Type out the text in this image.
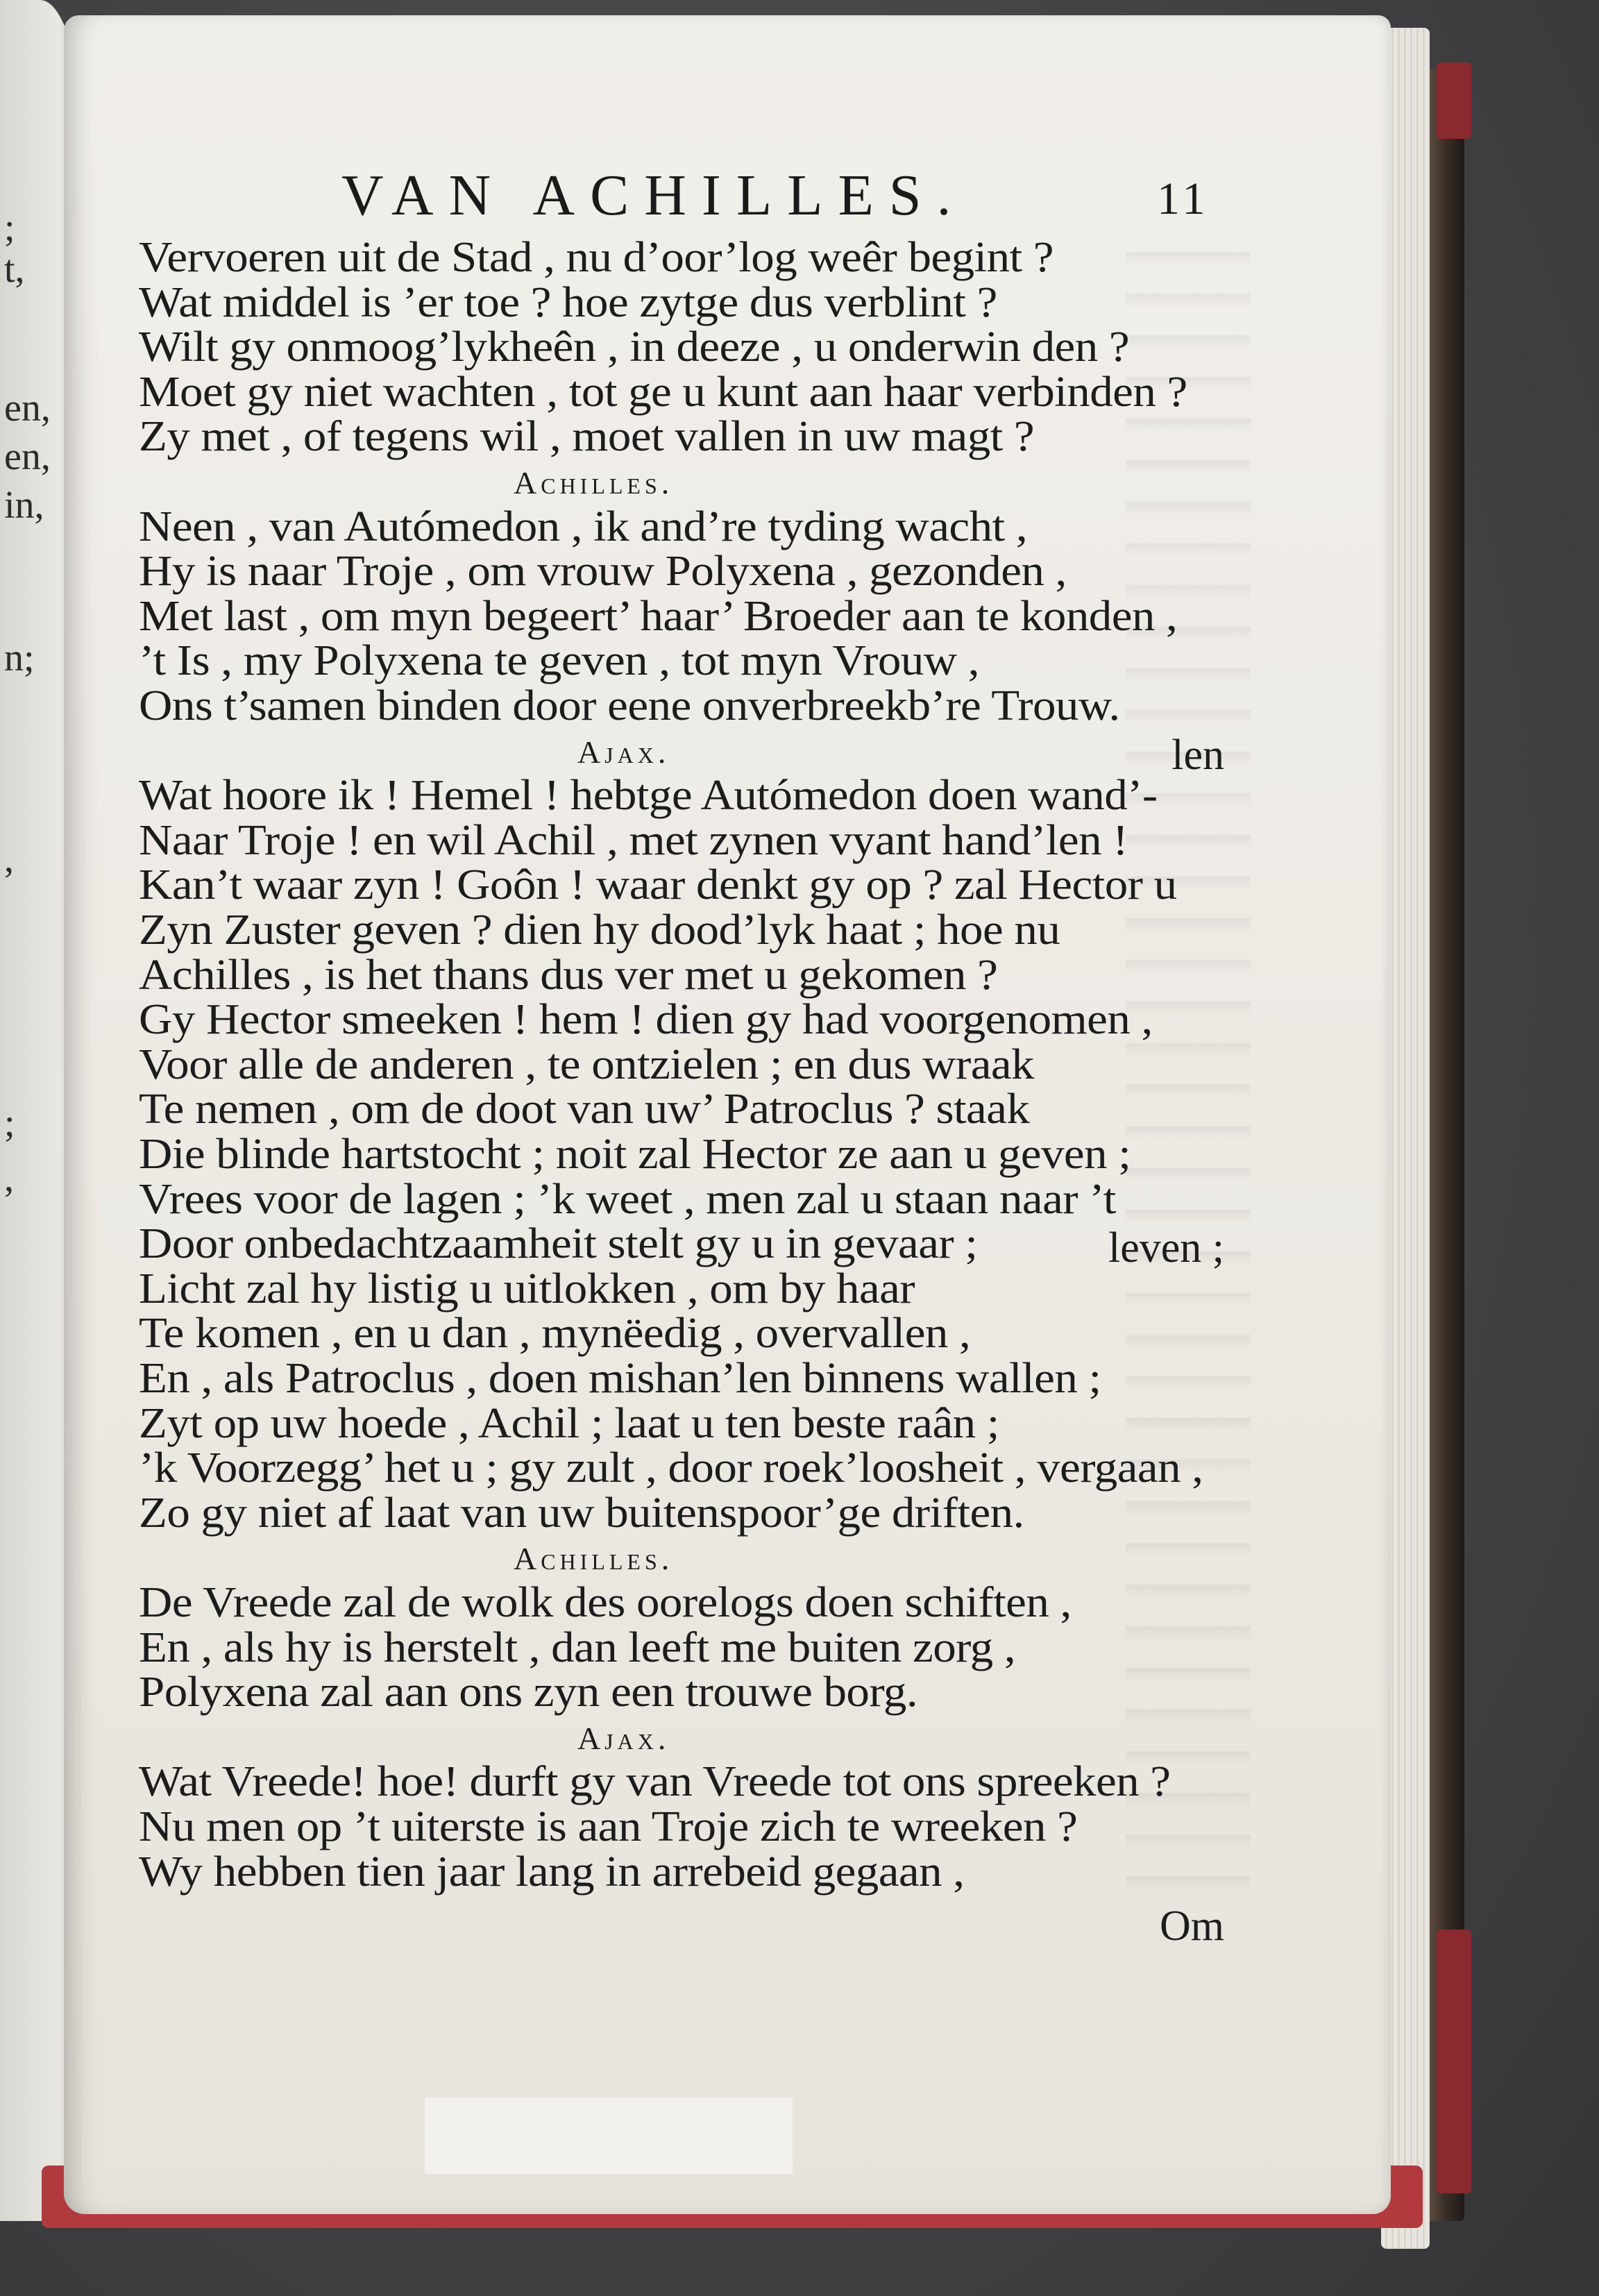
;
t,
en,
en,
in,
n;
,
;
,
VAN ACHILLES.	11
Vervoeren uit de Stad , nu d’oor’log weêr begint ?
Wat middel is ’er toe ? hoe zytge dus verblint ?
Wilt gy onmoog’lykheên , in deeze , u onderwin den ?
Moet gy niet wachten , tot ge u kunt aan haar verbinden ?
Zy met , of tegens wil , moet vallen in uw magt ?
Achilles.
Neen , van Autómedon , ik and’re tyding wacht ,
Hy is naar Troje , om vrouw Polyxena , gezonden ,
Met last , om myn begeert’ haar’ Broeder aan te konden ,
’t Is , my Polyxena te geven , tot myn Vrouw ,
Ons t’samen binden door eene onverbreekb’re Trouw.
Ajax.	len
Wat hoore ik ! Hemel ! hebtge Autómedon doen wand’-
Naar Troje ! en wil Achil , met zynen vyant hand’len !
Kan’t waar zyn ! Goôn ! waar denkt gy op ? zal Hector u
Zyn Zuster geven ? dien hy dood’lyk haat ; hoe nu
Achilles , is het thans dus ver met u gekomen ?
Gy Hector smeeken ! hem ! dien gy had voorgenomen ,
Voor alle de anderen , te ontzielen ; en dus wraak
Te nemen , om de doot van uw’ Patroclus ? staak
Die blinde hartstocht ; noit zal Hector ze aan u geven ;
Vrees voor de lagen ; ’k weet , men zal u staan naar ’t
Door onbedachtzaamheit stelt gy u in gevaar ;	leven ;
Licht zal hy listig u uitlokken , om by haar
Te komen , en u dan , mynëedig , overvallen ,
En , als Patroclus , doen mishan’len binnens wallen ;
Zyt op uw hoede , Achil ; laat u ten beste raân ;
’k Voorzegg’ het u ; gy zult , door roek’loosheit , vergaan ,
Zo gy niet af laat van uw buitenspoor’ge driften.
Achilles.
De Vreede zal de wolk des oorelogs doen schiften ,
En , als hy is herstelt , dan leeft me buiten zorg ,
Polyxena zal aan ons zyn een trouwe borg.
Ajax.
Wat Vreede! hoe! durft gy van Vreede tot ons spreeken ?
Nu men op ’t uiterste is aan Troje zich te wreeken ?
Wy hebben tien jaar lang in arrebeid gegaan ,
Om
